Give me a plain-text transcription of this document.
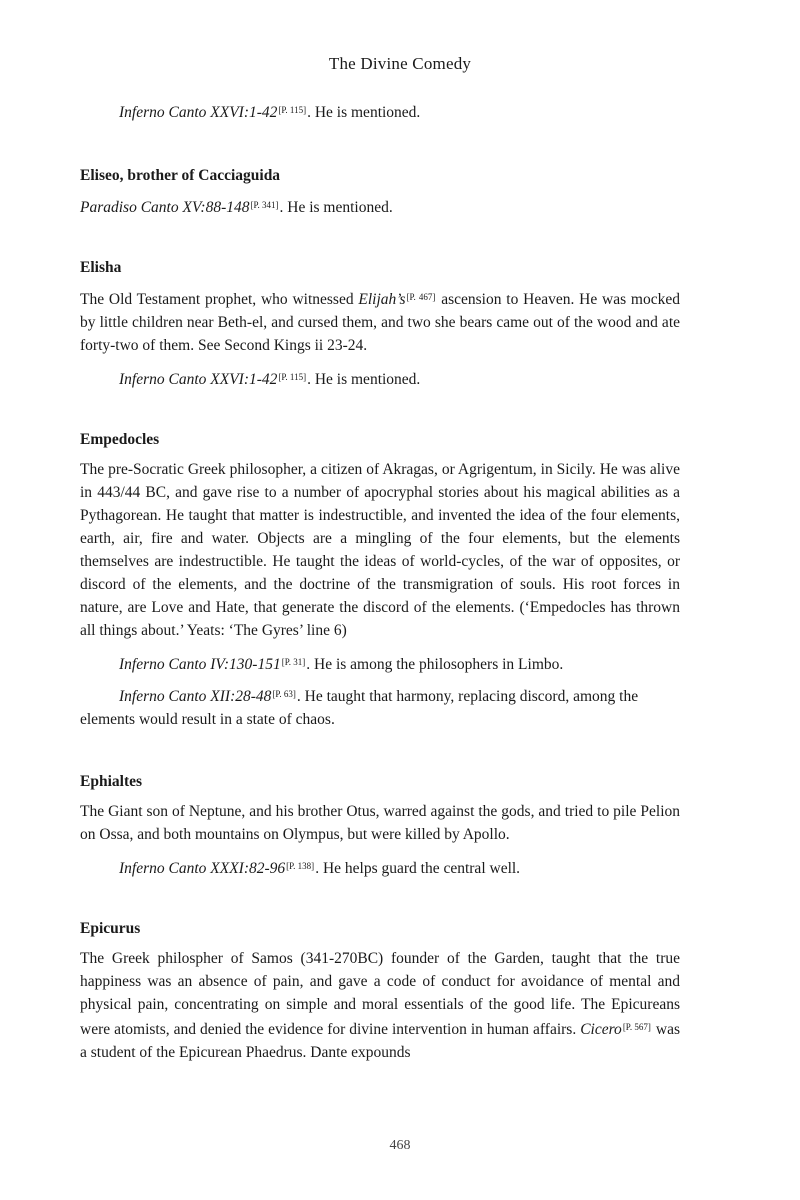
The Divine Comedy

Inferno Canto XXVI:1-42[P. 115]. He is mentioned.

Eliseo, brother of Cacciaguida

Paradiso Canto XV:88-148[P. 341]. He is mentioned.

Elisha

The Old Testament prophet, who witnessed Elijah’s[P. 467] ascension to Heaven. He was mocked by little children near Beth-el, and cursed them, and two she bears came out of the wood and ate forty-two of them. See Second Kings ii 23-24.

Inferno Canto XXVI:1-42[P. 115]. He is mentioned.

Empedocles

The pre-Socratic Greek philosopher, a citizen of Akragas, or Agrigentum, in Sicily. He was alive in 443/44 BC, and gave rise to a number of apocryphal stories about his magical abilities as a Pythagorean. He taught that matter is indestructible, and invented the idea of the four elements, earth, air, fire and water. Objects are a mingling of the four elements, but the elements themselves are indestructible. He taught the ideas of world-cycles, of the war of opposites, or discord of the elements, and the doctrine of the transmigration of souls. His root forces in nature, are Love and Hate, that generate the discord of the elements. (‘Empedocles has thrown all things about.’ Yeats: ‘The Gyres’ line 6)

Inferno Canto IV:130-151[P. 31]. He is among the philosophers in Limbo.

Inferno Canto XII:28-48[P. 63]. He taught that harmony, replacing discord, among the elements would result in a state of chaos.

Ephialtes

The Giant son of Neptune, and his brother Otus, warred against the gods, and tried to pile Pelion on Ossa, and both mountains on Olympus, but were killed by Apollo.

Inferno Canto XXXI:82-96[P. 138]. He helps guard the central well.

Epicurus

The Greek philospher of Samos (341-270BC) founder of the Garden, taught that the true happiness was an absence of pain, and gave a code of conduct for avoidance of mental and physical pain, concentrating on simple and moral essentials of the good life. The Epicureans were atomists, and denied the evidence for divine intervention in human affairs. Cicero[P. 567] was a student of the Epicurean Phaedrus. Dante expounds

468
